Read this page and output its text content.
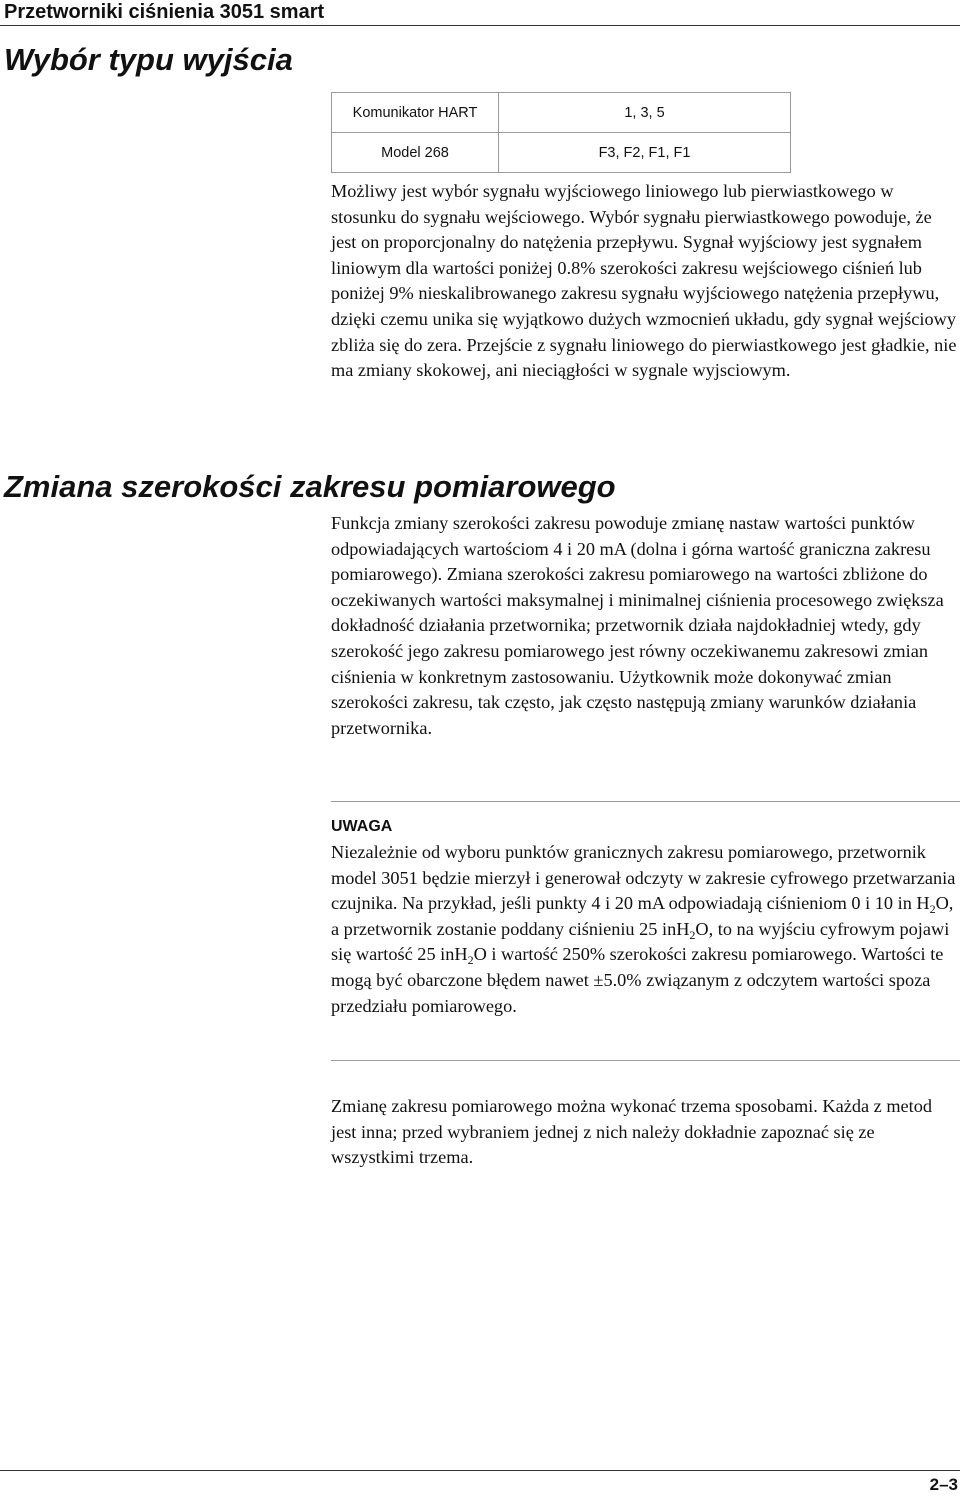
Przetworniki ciśnienia 3051 smart
Wybór typu wyjścia
Komunikator HART	1, 3, 5
Model 268	F3, F2, F1, F1

Możliwy jest wybór sygnału wyjściowego liniowego lub pierwiastkowego w stosunku do sygnału wejściowego. Wybór sygnału pierwiastkowego powoduje, że jest on proporcjonalny do natężenia przepływu. Sygnał wyjściowy jest sygnałem liniowym dla wartości poniżej 0.8% szerokości zakresu wejściowego ciśnień lub poniżej 9% nieskalibrowanego zakresu sygnału wyjściowego natężenia przepływu, dzięki czemu unika się wyjątkowo dużych wzmocnień układu, gdy sygnał wejściowy zbliża się do zera. Przejście z sygnału liniowego do pierwiastkowego jest gładkie, nie ma zmiany skokowej, ani nieciągłości w sygnale wyjsciowym.

Zmiana szerokości zakresu pomiarowego

Funkcja zmiany szerokości zakresu powoduje zmianę nastaw wartości punktów odpowiadających wartościom 4 i 20 mA (dolna i górna wartość graniczna zakresu pomiarowego). Zmiana szerokości zakresu pomiarowego na wartości zbliżone do oczekiwanych wartości maksymalnej i minimalnej ciśnienia procesowego zwiększa dokładność działania przetwornika; przetwornik działa najdokładniej wtedy, gdy szerokość jego zakresu pomiarowego jest równy oczekiwanemu zakresowi zmian ciśnienia w konkretnym zastosowaniu. Użytkownik może dokonywać zmian szerokości zakresu, tak często, jak często następują zmiany warunków działania przetwornika.

UWAGA

Niezależnie od wyboru punktów granicznych zakresu pomiarowego, przetwornik model 3051 będzie mierzył i generował odczyty w zakresie cyfrowego przetwarzania czujnika. Na przykład, jeśli punkty 4 i 20 mA odpowiadają ciśnieniom 0 i 10 in $H_2O$, a przetwornik zostanie poddany ciśnieniu 25 inH$_2$O, to na wyjściu cyfrowym pojawi się wartość 25 inH$_2$O i wartość 250% szerokości zakresu pomiarowego. Wartości te mogą być obarczone błędem nawet ±5.0% związanym z odczytem wartości spoza przedziału pomiarowego.

Zmianę zakresu pomiarowego można wykonać trzema sposobami. Każda z metod jest inna; przed wybraniem jednej z nich należy dokładnie zapoznać się ze wszystkimi trzema.

2–3
